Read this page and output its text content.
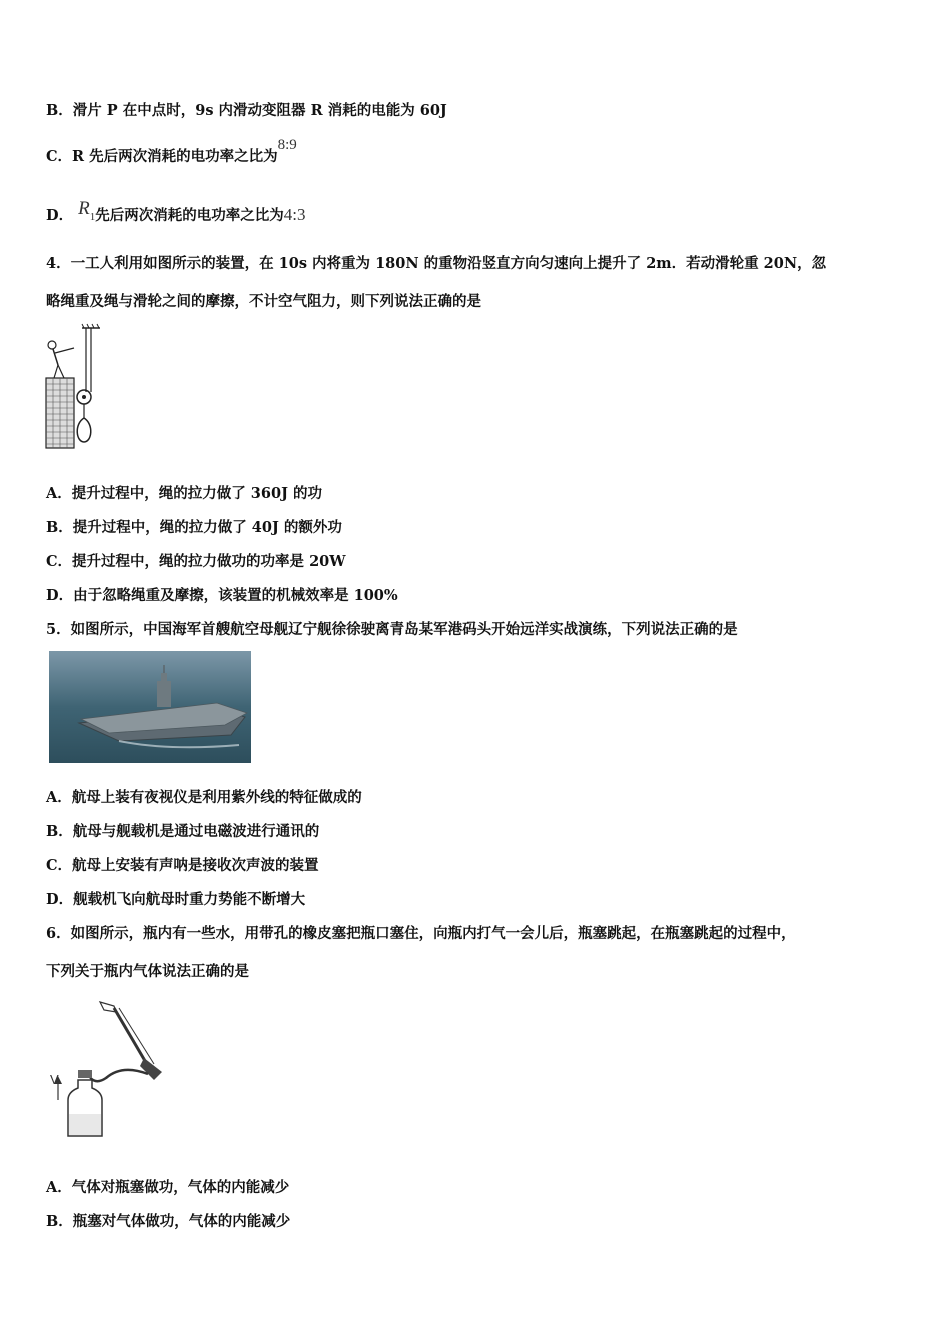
B．滑片 P 在中点时，9s 内滑动变阻器 R 消耗的电能为 60J
C．R 先后两次消耗的电功率之比为8:9
D． R1先后两次消耗的电功率之比为4:3
4．一工人利用如图所示的装置，在 10s 内将重为 180N 的重物沿竖直方向匀速向上提升了 2m．若动滑轮重 20N，忽
略绳重及绳与滑轮之间的摩擦，不计空气阻力，则下列说法正确的是
A．提升过程中，绳的拉力做了 360J 的功
B．提升过程中，绳的拉力做了 40J 的额外功
C．提升过程中，绳的拉力做功的功率是 20W
D．由于忽略绳重及摩擦，该装置的机械效率是 100%
5．如图所示，中国海军首艘航空母舰辽宁舰徐徐驶离青岛某军港码头开始远洋实战演练，下列说法正确的是
A．航母上装有夜视仪是利用紫外线的特征做成的
B．航母与舰载机是通过电磁波进行通讯的
C．航母上安装有声呐是接收次声波的装置
D．舰载机飞向航母时重力势能不断增大
6．如图所示，瓶内有一些水，用带孔的橡皮塞把瓶口塞住，向瓶内打气一会儿后，瓶塞跳起，在瓶塞跳起的过程中，
下列关于瓶内气体说法正确的是
V
A．气体对瓶塞做功，气体的内能减少
B．瓶塞对气体做功，气体的内能减少
